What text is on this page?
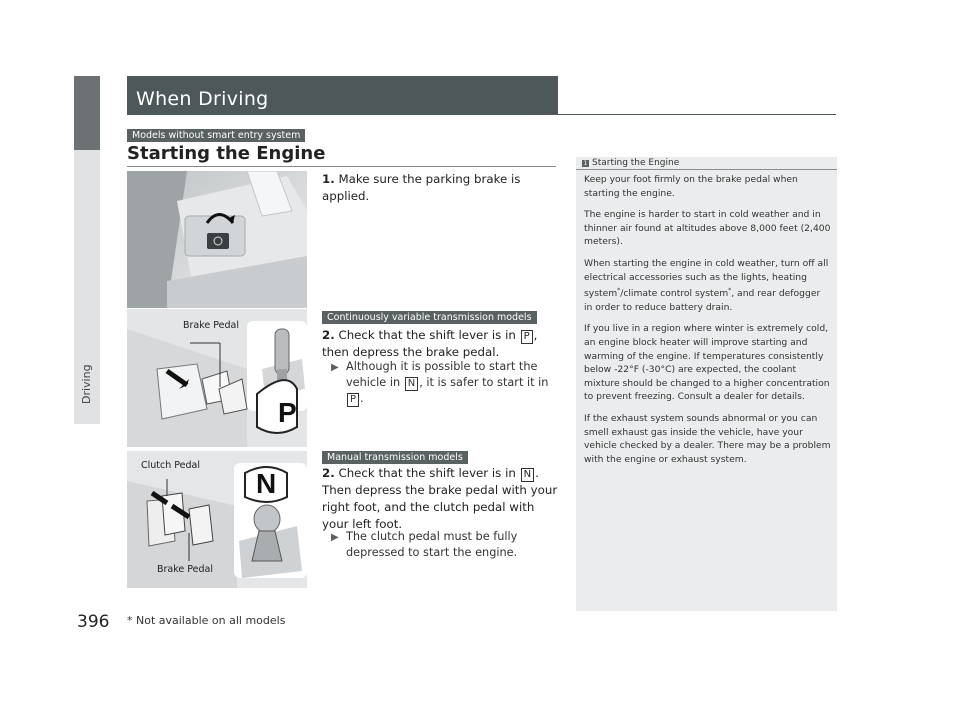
Driving
When Driving
Models without smart entry system
Starting the Engine
1. Make sure the parking brake is applied.
Continuously variable transmission models
Brake Pedal
P
2. Check that the shift lever is in P , then depress the brake pedal.
▶ Although it is possible to start the vehicle in N , it is safer to start it in P .
Manual transmission models
Clutch Pedal
Brake Pedal
N	2. Check that the shift lever is in N . Then depress the brake pedal with your right foot, and the clutch pedal with your left foot.
▶ The clutch pedal must be fully depressed to start the engine.
1 Starting the Engine

Keep your foot firmly on the brake pedal when starting the engine.

The engine is harder to start in cold weather and in thinner air found at altitudes above 8,000 feet (2,400 meters).

When starting the engine in cold weather, turn off all electrical accessories such as the lights, heating system*/climate control system*, and rear defogger in order to reduce battery drain.

If you live in a region where winter is extremely cold, an engine block heater will improve starting and warming of the engine. If temperatures consistently below -22°F (-30°C) are expected, the coolant mixture should be changed to a higher concentration to prevent freezing. Consult a dealer for details.

If the exhaust system sounds abnormal or you can smell exhaust gas inside the vehicle, have your vehicle checked by a dealer. There may be a problem with the engine or exhaust system.

396 * Not available on all models
